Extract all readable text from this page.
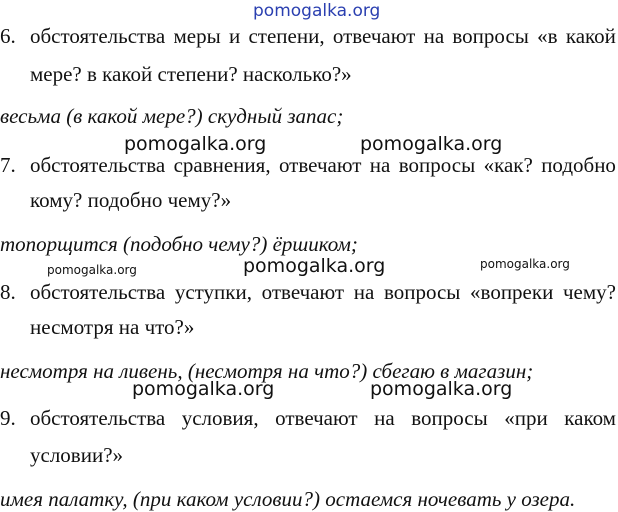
pomogalka.org
6. обстоятельства меры и степени, отвечают на вопросы «в какой
мере? в какой степени? насколько?»
весьма (в какой мере?) скудный запас;
pomogalka.org	pomogalka.org
7. обстоятельства сравнения, отвечают на вопросы «как? подобно
кому? подобно чему?»
топорщится (подобно чему?) ёршиком;
pomogalka.org	pomogalka.org	pomogalka.org
8. обстоятельства уступки, отвечают на вопросы «вопреки чему?
несмотря на что?»
несмотря на ливень, (несмотря на что?) сбегаю в магазин;
pomogalka.org	pomogalka.org
9. обстоятельства условия, отвечают на вопросы «при каком
условии?»
имея палатку, (при каком условии?) остаемся ночевать у озера.
